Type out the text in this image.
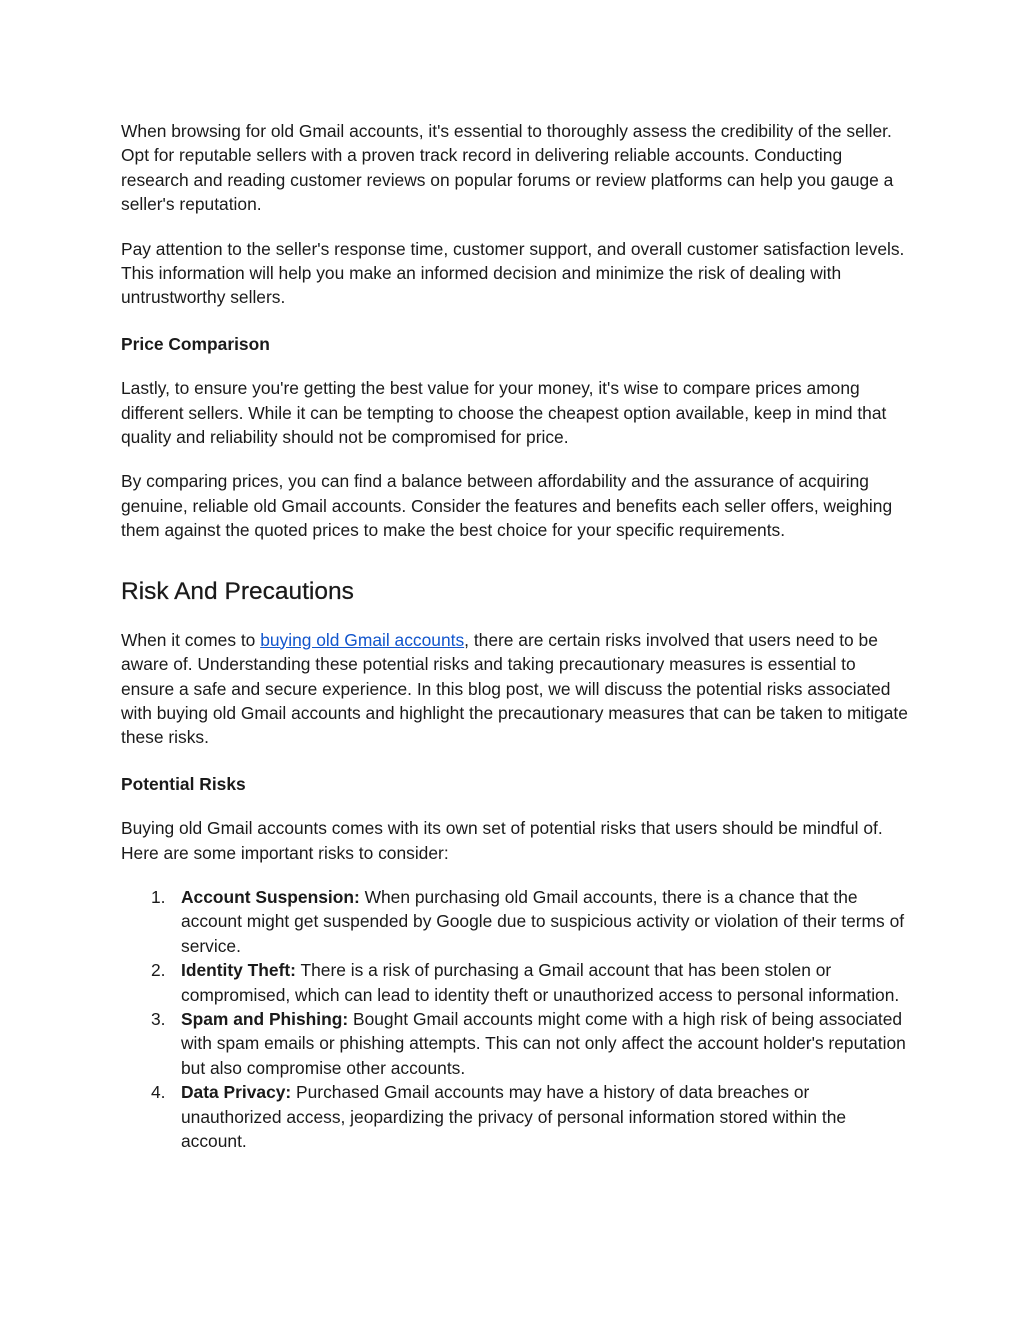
When browsing for old Gmail accounts, it's essential to thoroughly assess the credibility of the seller. Opt for reputable sellers with a proven track record in delivering reliable accounts. Conducting research and reading customer reviews on popular forums or review platforms can help you gauge a seller's reputation.

Pay attention to the seller's response time, customer support, and overall customer satisfaction levels. This information will help you make an informed decision and minimize the risk of dealing with untrustworthy sellers.

Price Comparison

Lastly, to ensure you're getting the best value for your money, it's wise to compare prices among different sellers. While it can be tempting to choose the cheapest option available, keep in mind that quality and reliability should not be compromised for price.

By comparing prices, you can find a balance between affordability and the assurance of acquiring genuine, reliable old Gmail accounts. Consider the features and benefits each seller offers, weighing them against the quoted prices to make the best choice for your specific requirements.

Risk And Precautions

When it comes to buying old Gmail accounts, there are certain risks involved that users need to be aware of. Understanding these potential risks and taking precautionary measures is essential to ensure a safe and secure experience. In this blog post, we will discuss the potential risks associated with buying old Gmail accounts and highlight the precautionary measures that can be taken to mitigate these risks.

Potential Risks

Buying old Gmail accounts comes with its own set of potential risks that users should be mindful of. Here are some important risks to consider:

1. Account Suspension: When purchasing old Gmail accounts, there is a chance that the account might get suspended by Google due to suspicious activity or violation of their terms of service.
2. Identity Theft: There is a risk of purchasing a Gmail account that has been stolen or compromised, which can lead to identity theft or unauthorized access to personal information.
3. Spam and Phishing: Bought Gmail accounts might come with a high risk of being associated with spam emails or phishing attempts. This can not only affect the account holder's reputation but also compromise other accounts.
4. Data Privacy: Purchased Gmail accounts may have a history of data breaches or unauthorized access, jeopardizing the privacy of personal information stored within the account.
